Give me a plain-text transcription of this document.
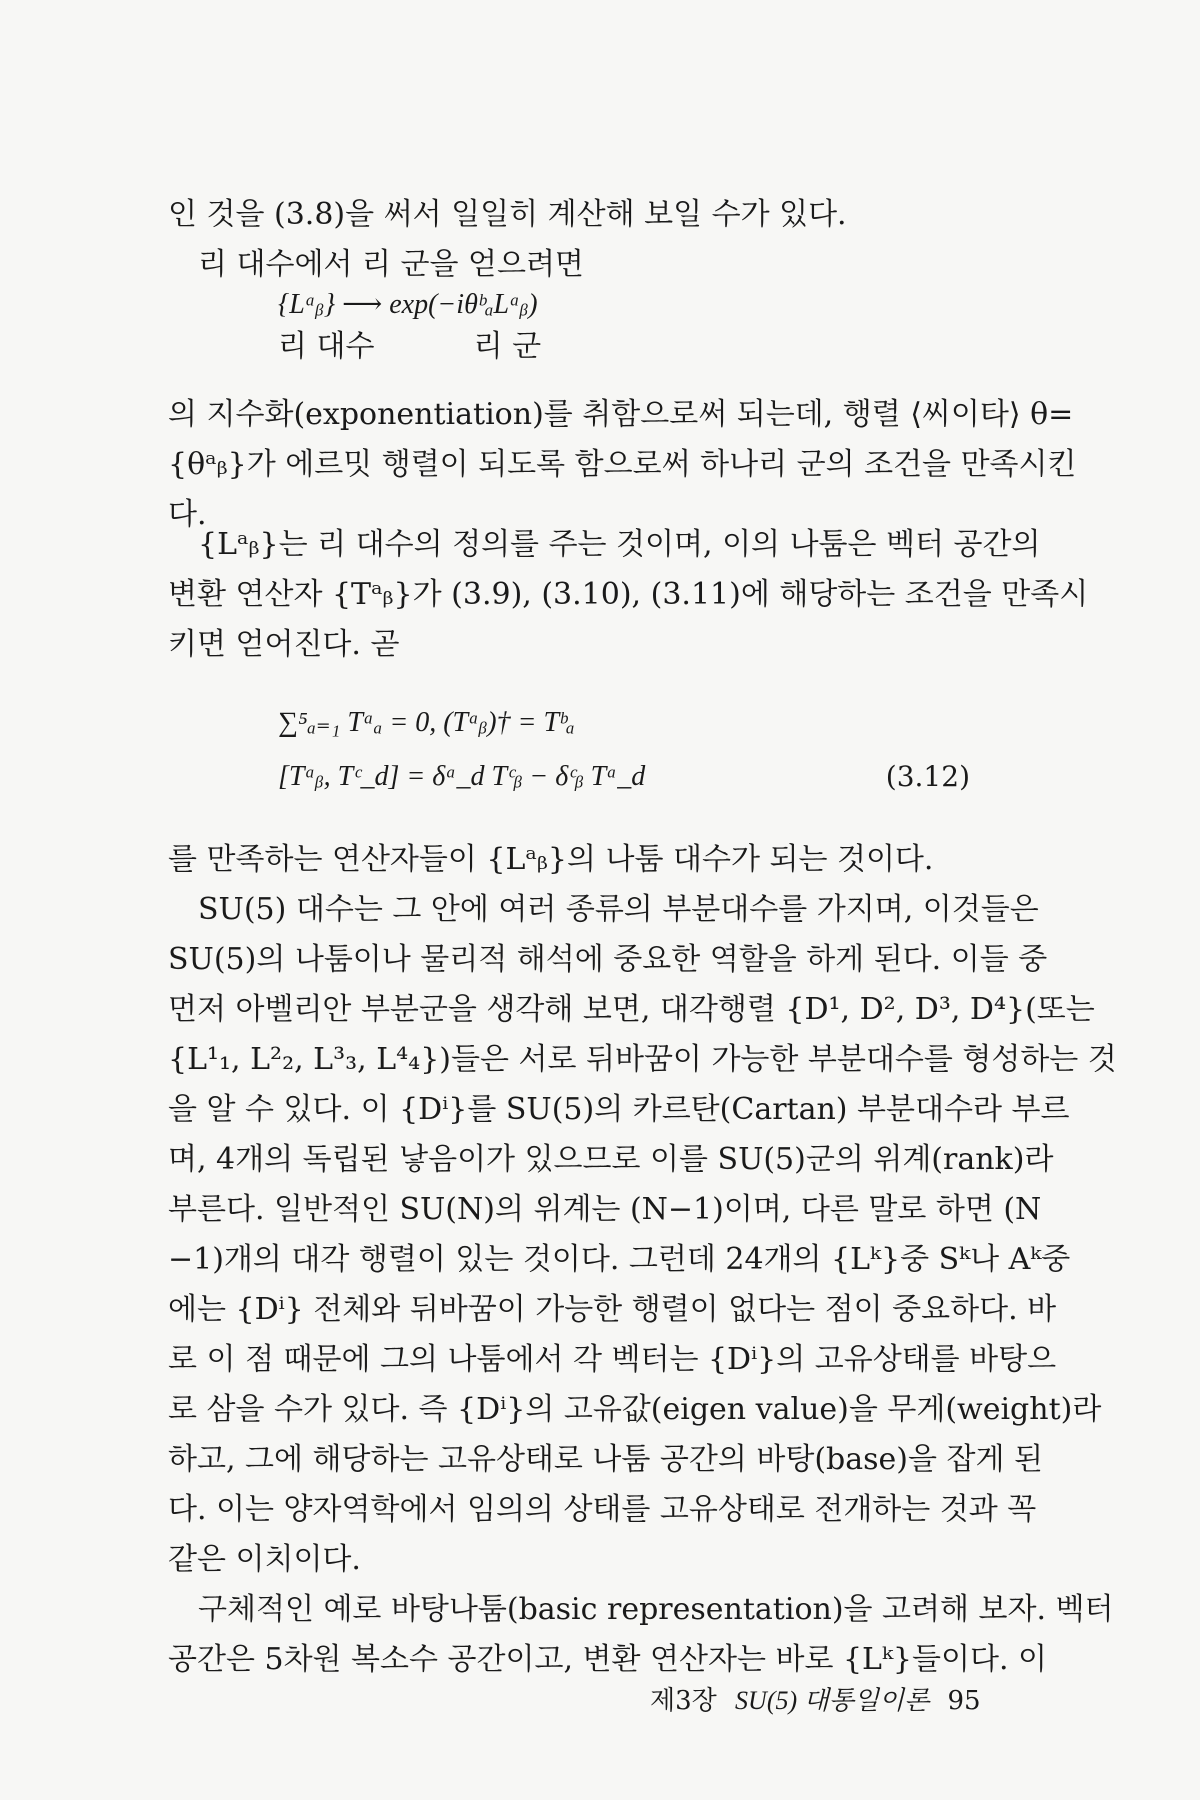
인 것을 (3.8)을 써서 일일히 계산해 보일 수가 있다.
　리 대수에서 리 군을 얻으려면
{Lᵃᵦ} ⟶ exp(−iθᵇₐLᵃᵦ)
리 대수	리 군
의 지수화(exponentiation)를 취함으로써 되는데, 행렬 ⟨씨이타⟩ θ=
{θᵃᵦ}가 에르밋 행렬이 되도록 함으로써 하나리 군의 조건을 만족시킨
다.
　{Lᵃᵦ}는 리 대수의 정의를 주는 것이며, 이의 나툼은 벡터 공간의
변환 연산자 {Tᵃᵦ}가 (3.9), (3.10), (3.11)에 해당하는 조건을 만족시
키면 얻어진다. 곧
∑⁵ₐ₌₁ Tᵃₐ = 0, (Tᵃᵦ)† = Tᵇₐ
[Tᵃᵦ, Tᶜ_d] = δᵃ_d Tᶜᵦ − δᶜᵦ Tᵃ_d	(3.12)
를 만족하는 연산자들이 {Lᵃᵦ}의 나툼 대수가 되는 것이다.
　SU(5) 대수는 그 안에 여러 종류의 부분대수를 가지며, 이것들은
SU(5)의 나툼이나 물리적 해석에 중요한 역할을 하게 된다. 이들 중
먼저 아벨리안 부분군을 생각해 보면, 대각행렬 {D¹, D², D³, D⁴}(또는
{L¹₁, L²₂, L³₃, L⁴₄})들은 서로 뒤바꿈이 가능한 부분대수를 형성하는 것
을 알 수 있다. 이 {Dⁱ}를 SU(5)의 카르탄(Cartan) 부분대수라 부르
며, 4개의 독립된 낳음이가 있으므로 이를 SU(5)군의 위계(rank)라
부른다. 일반적인 SU(N)의 위계는 (N−1)이며, 다른 말로 하면 (N
−1)개의 대각 행렬이 있는 것이다. 그런데 24개의 {Lᵏ}중 Sᵏ나 Aᵏ중
에는 {Dⁱ} 전체와 뒤바꿈이 가능한 행렬이 없다는 점이 중요하다. 바
로 이 점 때문에 그의 나툼에서 각 벡터는 {Dⁱ}의 고유상태를 바탕으
로 삼을 수가 있다. 즉 {Dⁱ}의 고유값(eigen value)을 무게(weight)라
하고, 그에 해당하는 고유상태로 나툼 공간의 바탕(base)을 잡게 된
다. 이는 양자역학에서 임의의 상태를 고유상태로 전개하는 것과 꼭
같은 이치이다.
　구체적인 예로 바탕나툼(basic representation)을 고려해 보자. 벡터
공간은 5차원 복소수 공간이고, 변환 연산자는 바로 {Lᵏ}들이다. 이
제3장 SU(5) 대통일이론 95
